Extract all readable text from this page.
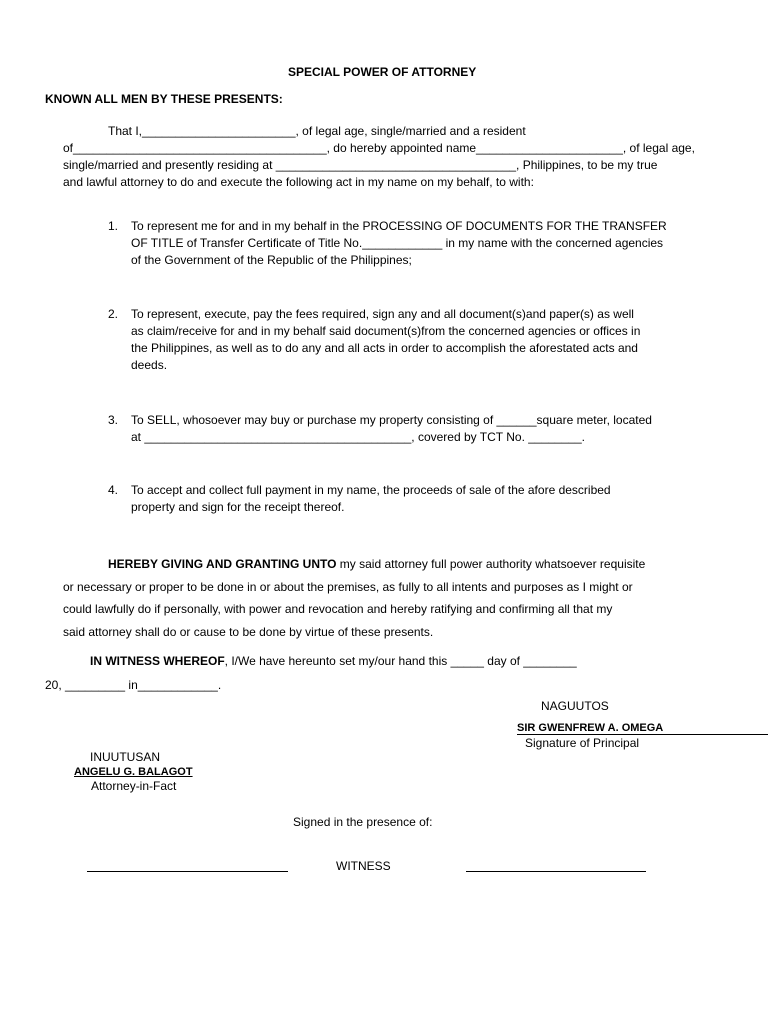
SPECIAL POWER OF ATTORNEY
KNOWN ALL MEN BY THESE PRESENTS:
That I,_______________________, of legal age, single/married and a resident
of______________________________________, do hereby appointed name______________________, of legal age,
single/married and presently residing at ____________________________________, Philippines, to be my true
and lawful attorney to do and execute the following act in my name on my behalf, to with:
1. To represent me for and in my behalf in the PROCESSING OF DOCUMENTS FOR THE TRANSFER
OF TITLE of Transfer Certificate of Title No.____________ in my name with the concerned agencies
of the Government of the Republic of the Philippines;
2. To represent, execute, pay the fees required, sign any and all document(s)and paper(s) as well
as claim/receive for and in my behalf said document(s)from the concerned agencies or offices in
the Philippines, as well as to do any and all acts in order to accomplish the aforestated acts and
deeds.
3. To SELL, whosoever may buy or purchase my property consisting of ______square meter, located
at ________________________________________, covered by TCT No. ________.
4. To accept and collect full payment in my name, the proceeds of sale of the afore described
property and sign for the receipt thereof.
HEREBY GIVING AND GRANTING UNTO my said attorney full power authority whatsoever requisite
or necessary or proper to be done in or about the premises, as fully to all intents and purposes as I might or
could lawfully do if personally, with power and revocation and hereby ratifying and confirming all that my
said attorney shall do or cause to be done by virtue of these presents.
IN WITNESS WHEREOF, I/We have hereunto set my/our hand this _____ day of ________
20, _________ in____________.
NAGUUTOS
SIR GWENFREW A. OMEGA
Signature of Principal
INUUTUSAN
ANGELU G. BALAGOT
Attorney-in-Fact
Signed in the presence of:
WITNESS
